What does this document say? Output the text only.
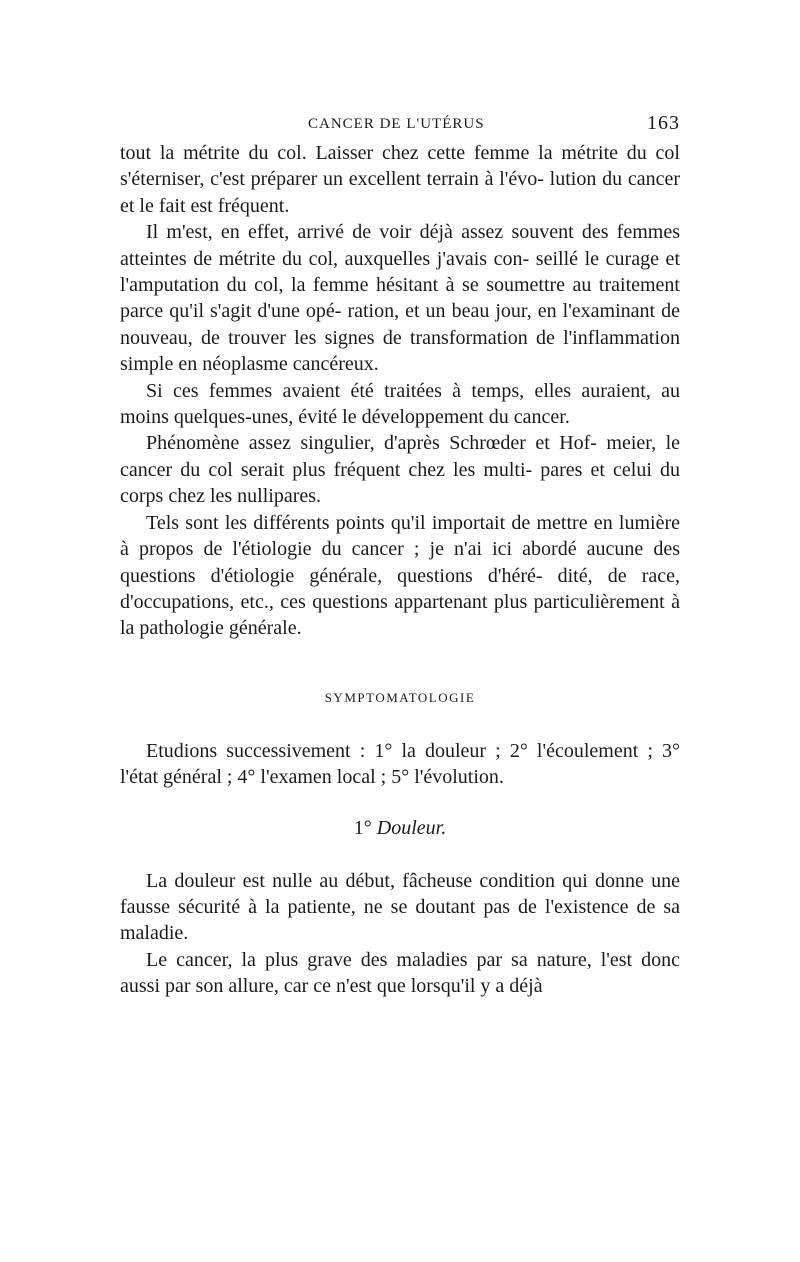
CANCER DE L'UTÉRUS	163

tout la métrite du col. Laisser chez cette femme la métrite du col s'éterniser, c'est préparer un excellent terrain à l'évo- lution du cancer et le fait est fréquent.

Il m'est, en effet, arrivé de voir déjà assez souvent des femmes atteintes de métrite du col, auxquelles j'avais con- seillé le curage et l'amputation du col, la femme hésitant à se soumettre au traitement parce qu'il s'agit d'une opé- ration, et un beau jour, en l'examinant de nouveau, de trouver les signes de transformation de l'inflammation simple en néoplasme cancéreux.

Si ces femmes avaient été traitées à temps, elles auraient, au moins quelques-unes, évité le développement du cancer.

Phénomène assez singulier, d'après Schrœder et Hof- meier, le cancer du col serait plus fréquent chez les multi- pares et celui du corps chez les nullipares.

Tels sont les différents points qu'il importait de mettre en lumière à propos de l'étiologie du cancer ; je n'ai ici abordé aucune des questions d'étiologie générale, questions d'héré- dité, de race, d'occupations, etc., ces questions appartenant plus particulièrement à la pathologie générale.

SYMPTOMATOLOGIE

Etudions successivement : 1° la douleur ; 2° l'écoulement ; 3° l'état général ; 4° l'examen local ; 5° l'évolution.

1° Douleur.

La douleur est nulle au début, fâcheuse condition qui donne une fausse sécurité à la patiente, ne se doutant pas de l'existence de sa maladie.

Le cancer, la plus grave des maladies par sa nature, l'est donc aussi par son allure, car ce n'est que lorsqu'il y a déjà
